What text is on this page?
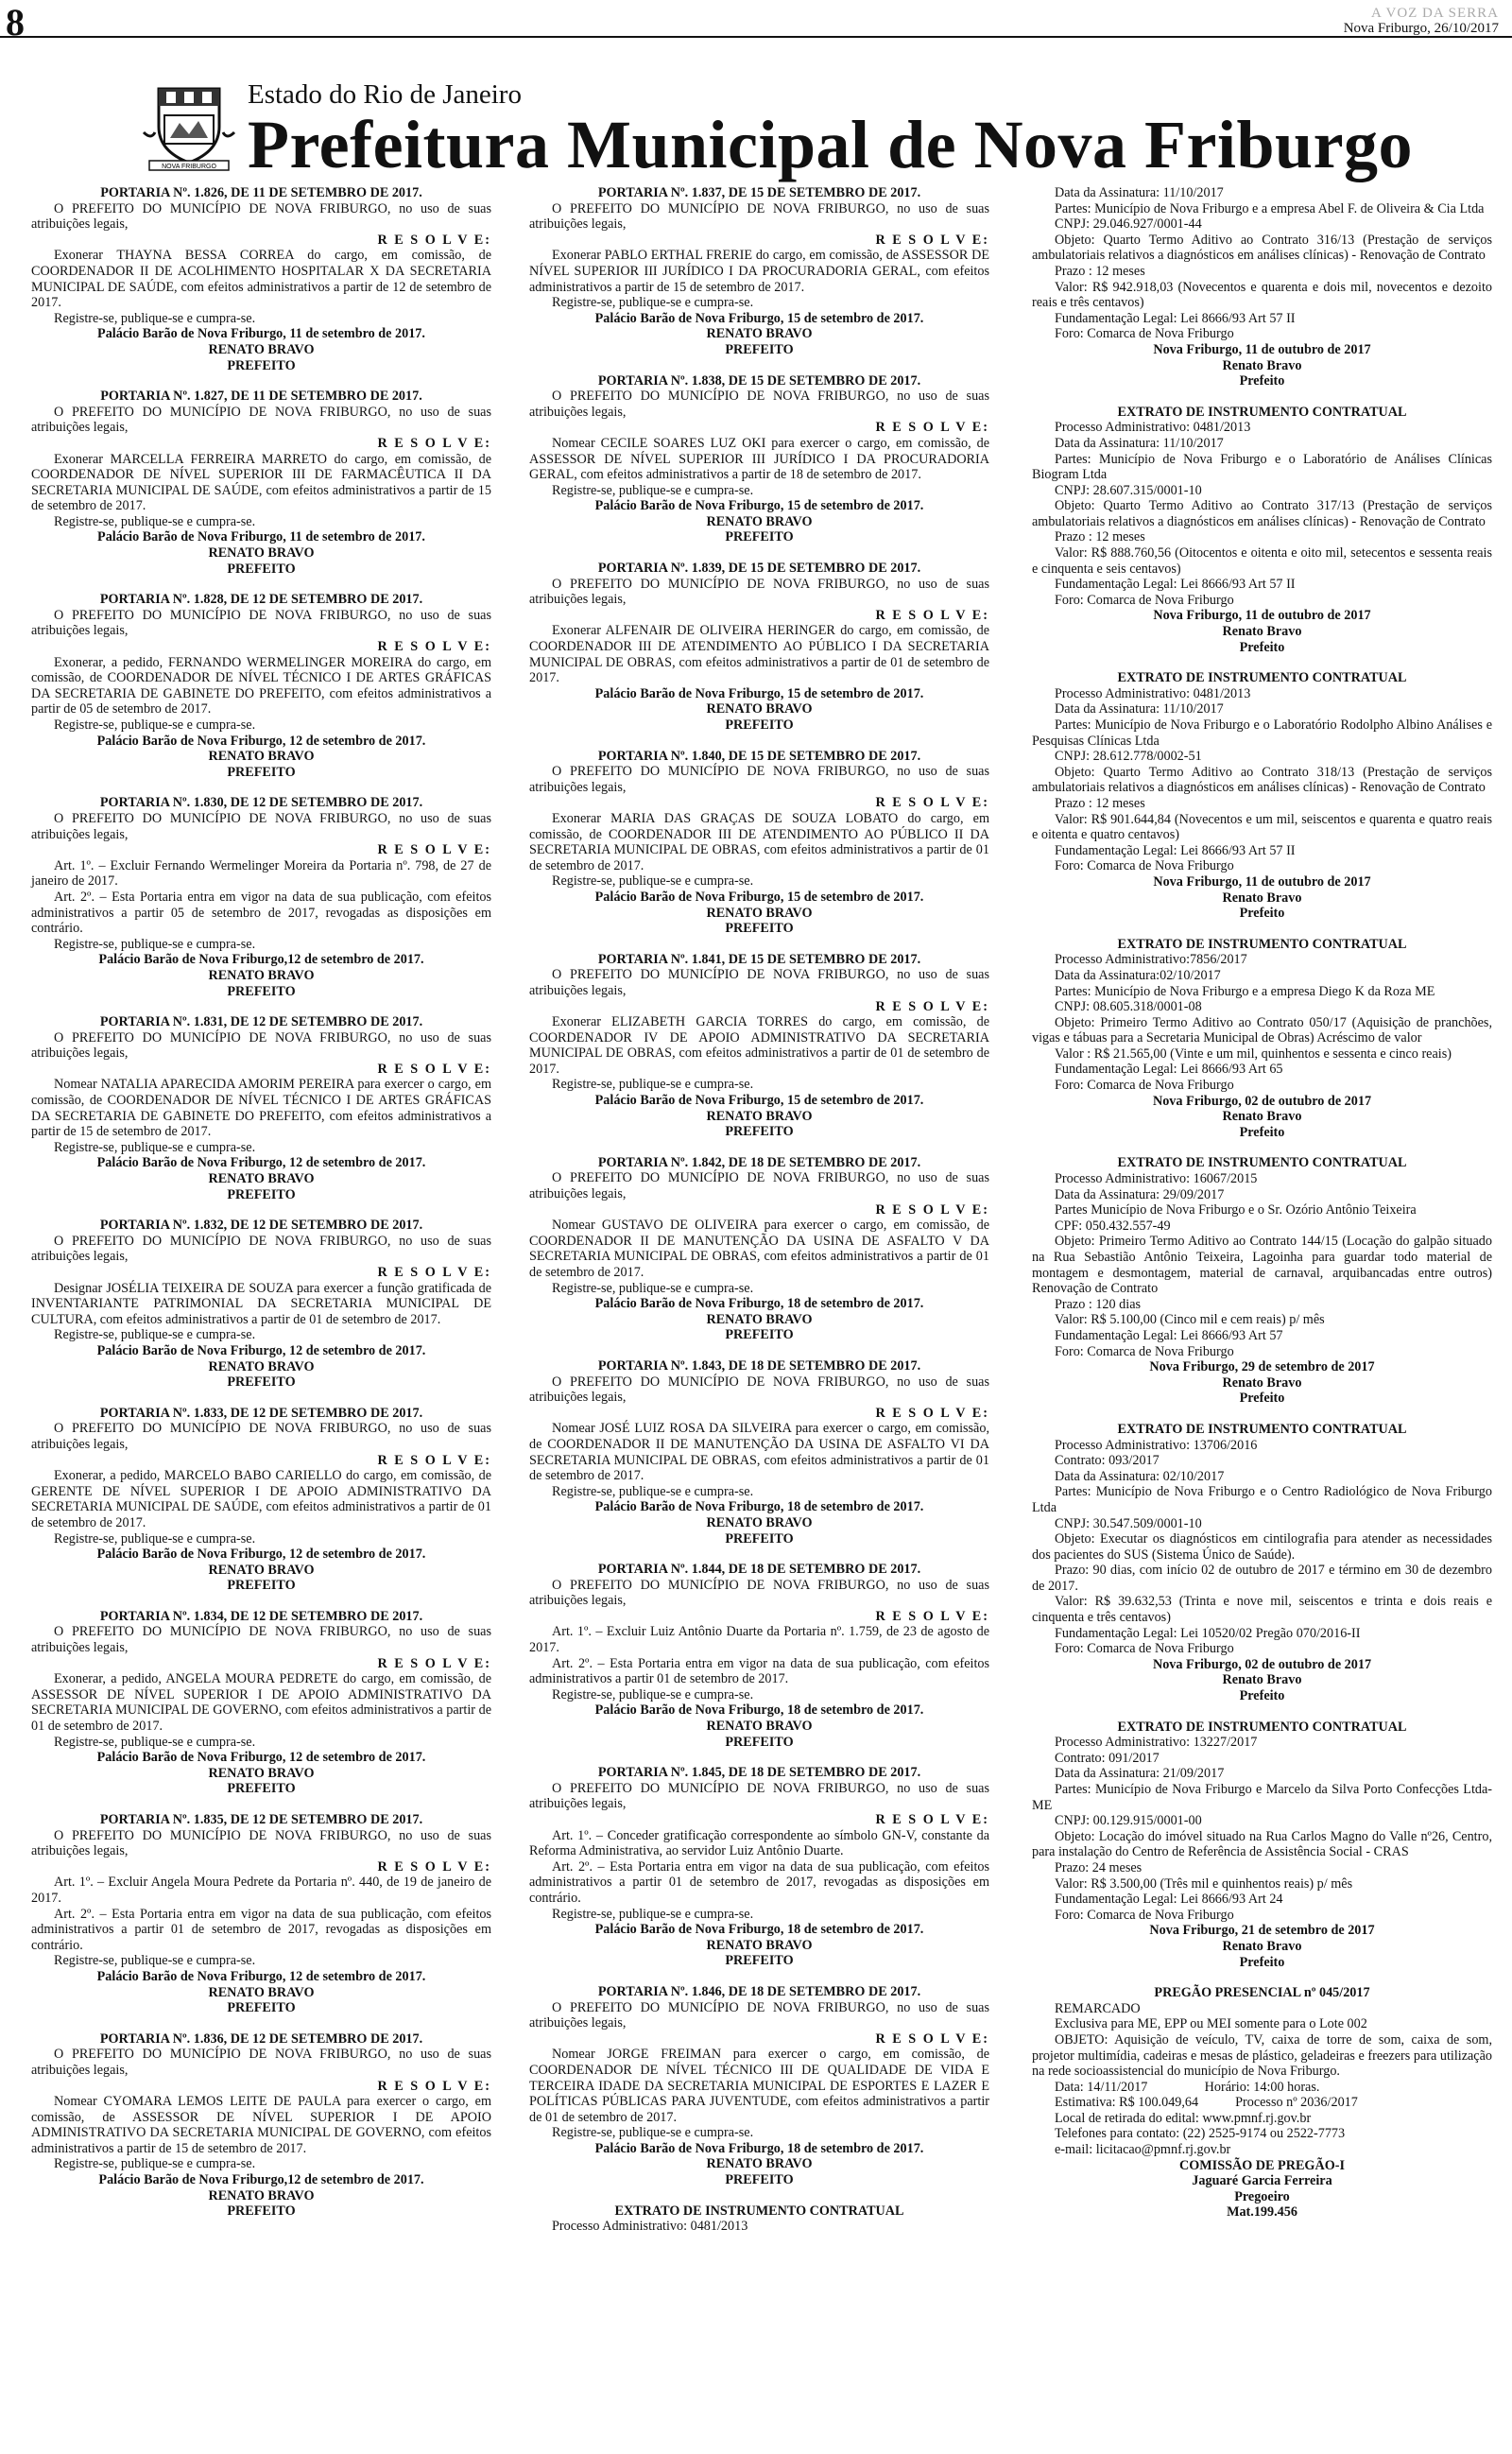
8	A VOZ DA SERRA
Nova Friburgo, 26/10/2017
NOVA FRIBURGO
Estado do Rio de Janeiro
Prefeitura Municipal de Nova Friburgo
PORTARIA Nº. 1.826, DE 11 DE SETEMBRO DE 2017.

O PREFEITO DO MUNICÍPIO DE NOVA FRIBURGO, no uso de suas atribuições legais,

R E S O L V E:

Exonerar THAYNA BESSA CORREA do cargo, em comissão, de COORDENADOR II DE ACOLHIMENTO HOSPITALAR X DA SECRETARIA MUNICIPAL DE SAÚDE, com efeitos administrativos a partir de 12 de setembro de 2017.

Registre-se, publique-se e cumpra-se.

Palácio Barão de Nova Friburgo, 11 de setembro de 2017.
RENATO BRAVO
PREFEITO
PORTARIA Nº. 1.827, DE 11 DE SETEMBRO DE 2017.

O PREFEITO DO MUNICÍPIO DE NOVA FRIBURGO, no uso de suas atribuições legais,

R E S O L V E:

Exonerar MARCELLA FERREIRA MARRETO do cargo, em comissão, de COORDENADOR DE NÍVEL SUPERIOR III DE FARMACÊUTICA II DA SECRETARIA MUNICIPAL DE SAÚDE, com efeitos administrativos a partir de 15 de setembro de 2017.

Registre-se, publique-se e cumpra-se.

Palácio Barão de Nova Friburgo, 11 de setembro de 2017.
RENATO BRAVO
PREFEITO
PORTARIA Nº. 1.828, DE 12 DE SETEMBRO DE 2017.

O PREFEITO DO MUNICÍPIO DE NOVA FRIBURGO, no uso de suas atribuições legais,

R E S O L V E:

Exonerar, a pedido, FERNANDO WERMELINGER MOREIRA do cargo, em comissão, de COORDENADOR DE NÍVEL TÉCNICO I DE ARTES GRÁFICAS DA SECRETARIA DE GABINETE DO PREFEITO, com efeitos administrativos a partir de 05 de setembro de 2017.

Registre-se, publique-se e cumpra-se.

Palácio Barão de Nova Friburgo, 12 de setembro de 2017.
RENATO BRAVO
PREFEITO
PORTARIA Nº. 1.830, DE 12 DE SETEMBRO DE 2017.

O PREFEITO DO MUNICÍPIO DE NOVA FRIBURGO, no uso de suas atribuições legais,

R E S O L V E:

Art. 1º. – Excluir Fernando Wermelinger Moreira da Portaria nº. 798, de 27 de janeiro de 2017.

Art. 2º. – Esta Portaria entra em vigor na data de sua publicação, com efeitos administrativos a partir 05 de setembro de 2017, revogadas as disposições em contrário.

Registre-se, publique-se e cumpra-se.

Palácio Barão de Nova Friburgo,12 de setembro de 2017.
RENATO BRAVO
PREFEITO
PORTARIA Nº. 1.831, DE 12 DE SETEMBRO DE 2017.

O PREFEITO DO MUNICÍPIO DE NOVA FRIBURGO, no uso de suas atribuições legais,

R E S O L V E:

Nomear NATALIA APARECIDA AMORIM PEREIRA para exercer o cargo, em comissão, de COORDENADOR DE NÍVEL TÉCNICO I DE ARTES GRÁFICAS DA SECRETARIA DE GABINETE DO PREFEITO, com efeitos administrativos a partir de 15 de setembro de 2017.

Registre-se, publique-se e cumpra-se.

Palácio Barão de Nova Friburgo, 12 de setembro de 2017.
RENATO BRAVO
PREFEITO
PORTARIA Nº. 1.832, DE 12 DE SETEMBRO DE 2017.

O PREFEITO DO MUNICÍPIO DE NOVA FRIBURGO, no uso de suas atribuições legais,

R E S O L V E:

Designar JOSÉLIA TEIXEIRA DE SOUZA para exercer a função gratificada de INVENTARIANTE PATRIMONIAL DA SECRETARIA MUNICIPAL DE CULTURA, com efeitos administrativos a partir de 01 de setembro de 2017.

Registre-se, publique-se e cumpra-se.

Palácio Barão de Nova Friburgo, 12 de setembro de 2017.
RENATO BRAVO
PREFEITO
PORTARIA Nº. 1.833, DE 12 DE SETEMBRO DE 2017.

O PREFEITO DO MUNICÍPIO DE NOVA FRIBURGO, no uso de suas atribuições legais,

R E S O L V E:

Exonerar, a pedido, MARCELO BABO CARIELLO do cargo, em comissão, de GERENTE DE NÍVEL SUPERIOR I DE APOIO ADMINISTRATIVO DA SECRETARIA MUNICIPAL DE SAÚDE, com efeitos administrativos a partir de 01 de setembro de 2017.

Registre-se, publique-se e cumpra-se.

Palácio Barão de Nova Friburgo, 12 de setembro de 2017.
RENATO BRAVO
PREFEITO
PORTARIA Nº. 1.834, DE 12 DE SETEMBRO DE 2017.

O PREFEITO DO MUNICÍPIO DE NOVA FRIBURGO, no uso de suas atribuições legais,

R E S O L V E:

Exonerar, a pedido, ANGELA MOURA PEDRETE do cargo, em comissão, de ASSESSOR DE NÍVEL SUPERIOR I DE APOIO ADMINISTRATIVO DA SECRETARIA MUNICIPAL DE GOVERNO, com efeitos administrativos a partir de 01 de setembro de 2017.

Registre-se, publique-se e cumpra-se.

Palácio Barão de Nova Friburgo, 12 de setembro de 2017.
RENATO BRAVO
PREFEITO
PORTARIA Nº. 1.835, DE 12 DE SETEMBRO DE 2017.

O PREFEITO DO MUNICÍPIO DE NOVA FRIBURGO, no uso de suas atribuições legais,

R E S O L V E:

Art. 1º. – Excluir Angela Moura Pedrete da Portaria nº. 440, de 19 de janeiro de 2017.

Art. 2º. – Esta Portaria entra em vigor na data de sua publicação, com efeitos administrativos a partir 01 de setembro de 2017, revogadas as disposições em contrário.

Registre-se, publique-se e cumpra-se.

Palácio Barão de Nova Friburgo, 12 de setembro de 2017.
RENATO BRAVO
PREFEITO
PORTARIA Nº. 1.836, DE 12 DE SETEMBRO DE 2017.

O PREFEITO DO MUNICÍPIO DE NOVA FRIBURGO, no uso de suas atribuições legais,

R E S O L V E:

Nomear CYOMARA LEMOS LEITE DE PAULA para exercer o cargo, em comissão, de ASSESSOR DE NÍVEL SUPERIOR I DE APOIO ADMINISTRATIVO DA SECRETARIA MUNICIPAL DE GOVERNO, com efeitos administrativos a partir de 15 de setembro de 2017.

Registre-se, publique-se e cumpra-se.

Palácio Barão de Nova Friburgo,12 de setembro de 2017.
RENATO BRAVO
PREFEITO
PORTARIA Nº. 1.837, DE 15 DE SETEMBRO DE 2017.

O PREFEITO DO MUNICÍPIO DE NOVA FRIBURGO, no uso de suas atribuições legais,

R E S O L V E:

Exonerar PABLO ERTHAL FRERIE do cargo, em comissão, de ASSESSOR DE NÍVEL SUPERIOR III JURÍDICO I DA PROCURADORIA GERAL, com efeitos administrativos a partir de 15 de setembro de 2017.

Registre-se, publique-se e cumpra-se.

Palácio Barão de Nova Friburgo, 15 de setembro de 2017.
RENATO BRAVO
PREFEITO
PORTARIA Nº. 1.838, DE 15 DE SETEMBRO DE 2017.

O PREFEITO DO MUNICÍPIO DE NOVA FRIBURGO, no uso de suas atribuições legais,

R E S O L V E:

Nomear CECILE SOARES LUZ OKI para exercer o cargo, em comissão, de ASSESSOR DE NÍVEL SUPERIOR III JURÍDICO I DA PROCURADORIA GERAL, com efeitos administrativos a partir de 18 de setembro de 2017.

Registre-se, publique-se e cumpra-se.

Palácio Barão de Nova Friburgo, 15 de setembro de 2017.
RENATO BRAVO
PREFEITO
PORTARIA Nº. 1.839, DE 15 DE SETEMBRO DE 2017.

O PREFEITO DO MUNICÍPIO DE NOVA FRIBURGO, no uso de suas atribuições legais,

R E S O L V E:

Exonerar ALFENAIR DE OLIVEIRA HERINGER do cargo, em comissão, de COORDENADOR III DE ATENDIMENTO AO PÚBLICO I DA SECRETARIA MUNICIPAL DE OBRAS, com efeitos administrativos a partir de 01 de setembro de 2017.

Palácio Barão de Nova Friburgo, 15 de setembro de 2017.
RENATO BRAVO
PREFEITO
PORTARIA Nº. 1.840, DE 15 DE SETEMBRO DE 2017.

O PREFEITO DO MUNICÍPIO DE NOVA FRIBURGO, no uso de suas atribuições legais,

R E S O L V E:

Exonerar MARIA DAS GRAÇAS DE SOUZA LOBATO do cargo, em comissão, de COORDENADOR III DE ATENDIMENTO AO PÚBLICO II DA SECRETARIA MUNICIPAL DE OBRAS, com efeitos administrativos a partir de 01 de setembro de 2017.

Registre-se, publique-se e cumpra-se.

Palácio Barão de Nova Friburgo, 15 de setembro de 2017.
RENATO BRAVO
PREFEITO
PORTARIA Nº. 1.841, DE 15 DE SETEMBRO DE 2017.

O PREFEITO DO MUNICÍPIO DE NOVA FRIBURGO, no uso de suas atribuições legais,

R E S O L V E:

Exonerar ELIZABETH GARCIA TORRES do cargo, em comissão, de COORDENADOR IV DE APOIO ADMINISTRATIVO DA SECRETARIA MUNICIPAL DE OBRAS, com efeitos administrativos a partir de 01 de setembro de 2017.

Registre-se, publique-se e cumpra-se.

Palácio Barão de Nova Friburgo, 15 de setembro de 2017.
RENATO BRAVO
PREFEITO
PORTARIA Nº. 1.842, DE 18 DE SETEMBRO DE 2017.

O PREFEITO DO MUNICÍPIO DE NOVA FRIBURGO, no uso de suas atribuições legais,

R E S O L V E:

Nomear GUSTAVO DE OLIVEIRA para exercer o cargo, em comissão, de COORDENADOR II DE MANUTENÇÃO DA USINA DE ASFALTO V DA SECRETARIA MUNICIPAL DE OBRAS, com efeitos administrativos a partir de 01 de setembro de 2017.

Registre-se, publique-se e cumpra-se.

Palácio Barão de Nova Friburgo, 18 de setembro de 2017.
RENATO BRAVO
PREFEITO
PORTARIA Nº. 1.843, DE 18 DE SETEMBRO DE 2017.

O PREFEITO DO MUNICÍPIO DE NOVA FRIBURGO, no uso de suas atribuições legais,

R E S O L V E:

Nomear JOSÉ LUIZ ROSA DA SILVEIRA para exercer o cargo, em comissão, de COORDENADOR II DE MANUTENÇÃO DA USINA DE ASFALTO VI DA SECRETARIA MUNICIPAL DE OBRAS, com efeitos administrativos a partir de 01 de setembro de 2017.

Registre-se, publique-se e cumpra-se.

Palácio Barão de Nova Friburgo, 18 de setembro de 2017.
RENATO BRAVO
PREFEITO
PORTARIA Nº. 1.844, DE 18 DE SETEMBRO DE 2017.

O PREFEITO DO MUNICÍPIO DE NOVA FRIBURGO, no uso de suas atribuições legais,

R E S O L V E:

Art. 1º. – Excluir Luiz Antônio Duarte da Portaria nº. 1.759, de 23 de agosto de 2017.

Art. 2º. – Esta Portaria entra em vigor na data de sua publicação, com efeitos administrativos a partir 01 de setembro de 2017.

Registre-se, publique-se e cumpra-se.

Palácio Barão de Nova Friburgo, 18 de setembro de 2017.
RENATO BRAVO
PREFEITO
PORTARIA Nº. 1.845, DE 18 DE SETEMBRO DE 2017.

O PREFEITO DO MUNICÍPIO DE NOVA FRIBURGO, no uso de suas atribuições legais,

R E S O L V E:

Art. 1º. – Conceder gratificação correspondente ao símbolo GN-V, constante da Reforma Administrativa, ao servidor Luiz Antônio Duarte.

Art. 2º. – Esta Portaria entra em vigor na data de sua publicação, com efeitos administrativos a partir 01 de setembro de 2017, revogadas as disposições em contrário.

Registre-se, publique-se e cumpra-se.

Palácio Barão de Nova Friburgo, 18 de setembro de 2017.
RENATO BRAVO
PREFEITO
PORTARIA Nº. 1.846, DE 18 DE SETEMBRO DE 2017.

O PREFEITO DO MUNICÍPIO DE NOVA FRIBURGO, no uso de suas atribuições legais,

R E S O L V E:

Nomear JORGE FREIMAN para exercer o cargo, em comissão, de COORDENADOR DE NÍVEL TÉCNICO III DE QUALIDADE DE VIDA E TERCEIRA IDADE DA SECRETARIA MUNICIPAL DE ESPORTES E LAZER E POLÍTICAS PÚBLICAS PARA JUVENTUDE, com efeitos administrativos a partir de 01 de setembro de 2017.

Registre-se, publique-se e cumpra-se.

Palácio Barão de Nova Friburgo, 18 de setembro de 2017.
RENATO BRAVO
PREFEITO
EXTRATO DE INSTRUMENTO CONTRATUAL

Processo Administrativo: 0481/2013

Data da Assinatura: 11/10/2017

Partes: Município de Nova Friburgo e a empresa Abel F. de Oliveira & Cia Ltda

CNPJ: 29.046.927/0001-44

Objeto: Quarto Termo Aditivo ao Contrato 316/13 (Prestação de serviços ambulatoriais relativos a diagnósticos em análises clínicas) - Renovação de Contrato

Prazo : 12 meses

Valor: R$ 942.918,03 (Novecentos e quarenta e dois mil, novecentos e dezoito reais e três centavos)

Fundamentação Legal: Lei 8666/93 Art 57 II

Foro: Comarca de Nova Friburgo

Nova Friburgo, 11 de outubro de 2017
Renato Bravo
Prefeito
EXTRATO DE INSTRUMENTO CONTRATUAL

Processo Administrativo: 0481/2013

Data da Assinatura: 11/10/2017

Partes: Município de Nova Friburgo e o Laboratório de Análises Clínicas Biogram Ltda

CNPJ: 28.607.315/0001-10

Objeto: Quarto Termo Aditivo ao Contrato 317/13 (Prestação de serviços ambulatoriais relativos a diagnósticos em análises clínicas) - Renovação de Contrato

Prazo : 12 meses

Valor: R$ 888.760,56 (Oitocentos e oitenta e oito mil, setecentos e sessenta reais e cinquenta e seis centavos)

Fundamentação Legal: Lei 8666/93 Art 57 II

Foro: Comarca de Nova Friburgo

Nova Friburgo, 11 de outubro de 2017
Renato Bravo
Prefeito
EXTRATO DE INSTRUMENTO CONTRATUAL

Processo Administrativo: 0481/2013

Data da Assinatura: 11/10/2017

Partes: Município de Nova Friburgo e o Laboratório Rodolpho Albino Análises e Pesquisas Clínicas Ltda

CNPJ: 28.612.778/0002-51

Objeto: Quarto Termo Aditivo ao Contrato 318/13 (Prestação de serviços ambulatoriais relativos a diagnósticos em análises clínicas) - Renovação de Contrato

Prazo : 12 meses

Valor: R$ 901.644,84 (Novecentos e um mil, seiscentos e quarenta e quatro reais e oitenta e quatro centavos)

Fundamentação Legal: Lei 8666/93 Art 57 II

Foro: Comarca de Nova Friburgo

Nova Friburgo, 11 de outubro de 2017
Renato Bravo
Prefeito
EXTRATO DE INSTRUMENTO CONTRATUAL

Processo Administrativo:7856/2017

Data da Assinatura:02/10/2017

Partes: Município de Nova Friburgo e a empresa Diego K da Roza ME

CNPJ: 08.605.318/0001-08

Objeto: Primeiro Termo Aditivo ao Contrato 050/17 (Aquisição de pranchões, vigas e tábuas para a Secretaria Municipal de Obras) Acréscimo de valor

Valor : R$ 21.565,00 (Vinte e um mil, quinhentos e sessenta e cinco reais)

Fundamentação Legal: Lei 8666/93 Art 65

Foro: Comarca de Nova Friburgo

Nova Friburgo, 02 de outubro de 2017
Renato Bravo
Prefeito
EXTRATO DE INSTRUMENTO CONTRATUAL

Processo Administrativo: 16067/2015

Data da Assinatura: 29/09/2017

Partes Município de Nova Friburgo e o Sr. Ozório Antônio Teixeira

CPF: 050.432.557-49

Objeto: Primeiro Termo Aditivo ao Contrato 144/15 (Locação do galpão situado na Rua Sebastião Antônio Teixeira, Lagoinha para guardar todo material de montagem e desmontagem, material de carnaval, arquibancadas entre outros) Renovação de Contrato

Prazo : 120 dias

Valor: R$ 5.100,00 (Cinco mil e cem reais) p/ mês

Fundamentação Legal: Lei 8666/93 Art 57

Foro: Comarca de Nova Friburgo

Nova Friburgo, 29 de setembro de 2017
Renato Bravo
Prefeito
EXTRATO DE INSTRUMENTO CONTRATUAL

Processo Administrativo: 13706/2016

Contrato: 093/2017

Data da Assinatura: 02/10/2017

Partes: Município de Nova Friburgo e o Centro Radiológico de Nova Friburgo Ltda

CNPJ: 30.547.509/0001-10

Objeto: Executar os diagnósticos em cintilografia para atender as necessidades dos pacientes do SUS (Sistema Único de Saúde).

Prazo: 90 dias, com início 02 de outubro de 2017 e término em 30 de dezembro de 2017.

Valor: R$ 39.632,53 (Trinta e nove mil, seiscentos e trinta e dois reais e cinquenta e três centavos)

Fundamentação Legal: Lei 10520/02 Pregão 070/2016-II

Foro: Comarca de Nova Friburgo

Nova Friburgo, 02 de outubro de 2017
Renato Bravo
Prefeito
EXTRATO DE INSTRUMENTO CONTRATUAL

Processo Administrativo: 13227/2017

Contrato: 091/2017

Data da Assinatura: 21/09/2017

Partes: Município de Nova Friburgo e Marcelo da Silva Porto Confecções Ltda-ME

CNPJ: 00.129.915/0001-00

Objeto: Locação do imóvel situado na Rua Carlos Magno do Valle nº26, Centro, para instalação do Centro de Referência de Assistência Social - CRAS

Prazo: 24 meses

Valor: R$ 3.500,00 (Três mil e quinhentos reais) p/ mês

Fundamentação Legal: Lei 8666/93 Art 24

Foro: Comarca de Nova Friburgo

Nova Friburgo, 21 de setembro de 2017
Renato Bravo
Prefeito
PREGÃO PRESENCIAL nº 045/2017

REMARCADO

Exclusiva para ME, EPP ou MEI somente para o Lote 002

OBJETO: Aquisição de veículo, TV, caixa de torre de som, caixa de som, projetor multimídia, cadeiras e mesas de plástico, geladeiras e freezers para utilização na rede socioassistencial do município de Nova Friburgo.

Data: 14/11/2017                 Horário: 14:00 horas.

Estimativa: R$ 100.049,64           Processo nº 2036/2017

Local de retirada do edital: www.pmnf.rj.gov.br

Telefones para contato: (22) 2525-9174 ou 2522-7773

e-mail: licitacao@pmnf.rj.gov.br

COMISSÃO DE PREGÃO-I
Jaguaré Garcia Ferreira
Pregoeiro
Mat.199.456
